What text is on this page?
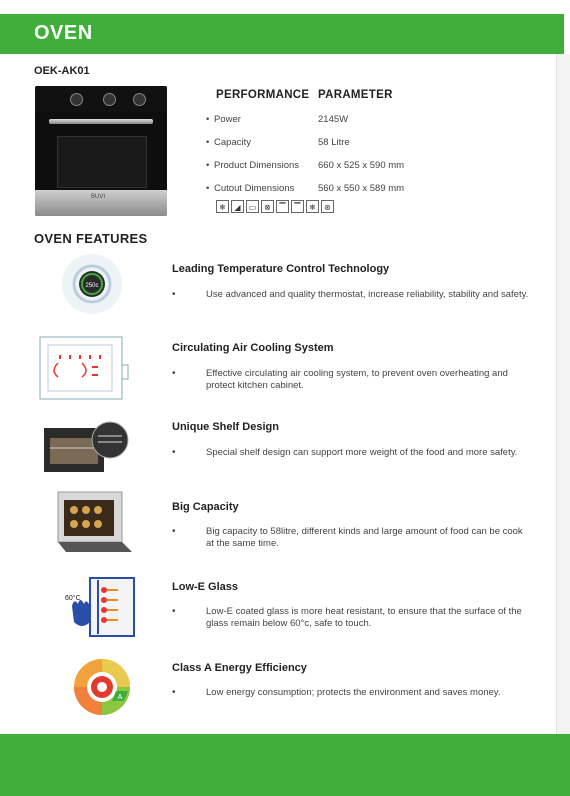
OVEN
OEK-AK01
BUVI
PERFORMANCE PARAMETER
• Power	2145W
• Capacity	58 Litre
• Product Dimensions 660 x 525 x 590 mm
• Cutout Dimensions 560 x 550 x 589 mm
❄	◢	▭ ⊗	▔	▔	❄	⊛
OVEN FEATURES
250c
Leading Temperature Control Technology
•	Use advanced and quality thermostat, increase reliability, stability and safety.
Circulating Air Cooling System
•	Effective circulating air cooling system, to prevent oven overheating and protect kitchen cabinet.
Unique Shelf Design
•	Special shelf design can support more weight of the food and more safety.
Big Capacity
•	Big capacity to 58litre, different kinds and large amount of food can be cook at the same time.
60°C
Low-E Glass
•	Low-E coated glass is more heat resistant, to ensure that the surface of the glass remain below 60°c, safe to touch.
A
Class A Energy Efficiency
•	Low energy consumption; protects the environment and saves money.
